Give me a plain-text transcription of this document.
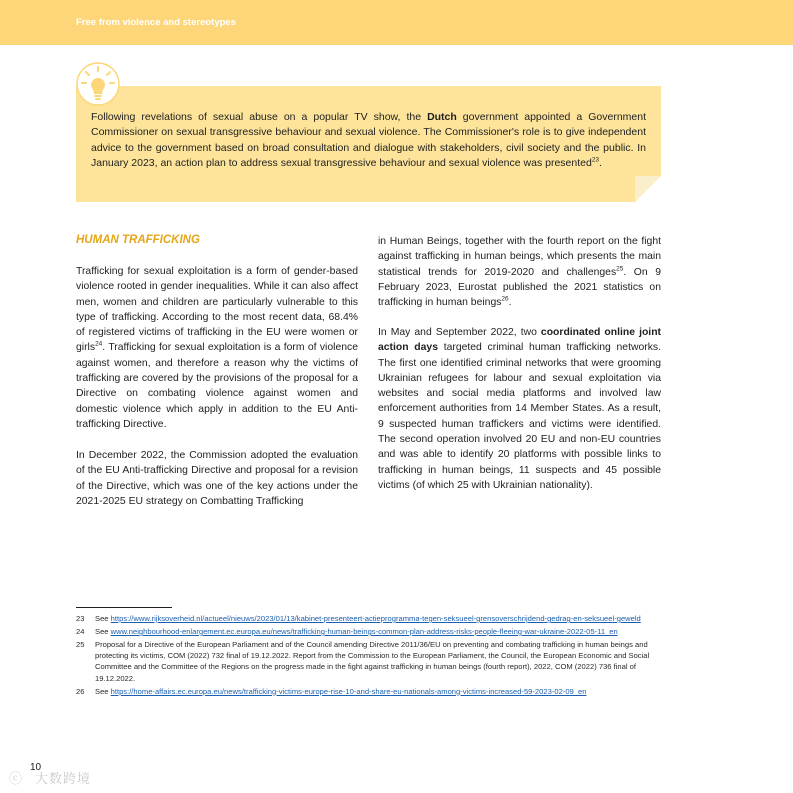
Free from violence and stereotypes
Following revelations of sexual abuse on a popular TV show, the Dutch government appointed a Government Commissioner on sexual transgressive behaviour and sexual violence. The Commissioner's role is to give independent advice to the government based on broad consultation and dialogue with stakeholders, civil society and the public. In January 2023, an action plan to address sexual transgressive behaviour and sexual violence was presented$^{23}$.
HUMAN TRAFFICKING

Trafficking for sexual exploitation is a form of gender-based violence rooted in gender inequalities. While it can also affect men, women and children are particularly vulnerable to this type of trafficking. According to the most recent data, 68.4% of registered victims of trafficking in the EU were women or girls$^{24}$. Trafficking for sexual exploitation is a form of violence against women, and therefore a reason why the victims of trafficking are covered by the provisions of the proposal for a Directive on combating violence against women and domestic violence which apply in addition to the EU Anti-trafficking Directive.

In December 2022, the Commission adopted the evaluation of the EU Anti-trafficking Directive and proposal for a revision of the Directive, which was one of the key actions under the 2021-2025 EU strategy on Combatting Trafficking

in Human Beings, together with the fourth report on the fight against trafficking in human beings, which presents the main statistical trends for 2019-2020 and challenges$^{25}$. On 9 February 2023, Eurostat published the 2021 statistics on trafficking in human beings$^{26}$.

In May and September 2022, two coordinated online joint action days targeted criminal human trafficking networks. The first one identified criminal networks that were grooming Ukrainian refugees for labour and sexual exploitation via websites and social media platforms and involved law enforcement authorities from 14 Member States. As a result, 9 suspected human traffickers and victims were identified. The second operation involved 20 EU and non-EU countries and was able to identify 20 platforms with possible links to trafficking in human beings, 11 suspects and 45 possible victims (of which 25 with Ukrainian nationality).

23	See https://www.rijksoverheid.nl/actueel/nieuws/2023/01/13/kabinet-presenteert-actieprogramma-tegen-seksueel-grensoverschrijdend-gedrag-en-seksueel-geweld
24	See www.neighbourhood-enlargement.ec.europa.eu/news/trafficking-human-beings-common-plan-address-risks-people-fleeing-war-ukraine-2022-05-11_en
25	Proposal for a Directive of the European Parliament and of the Council amending Directive 2011/36/EU on preventing and combating trafficking in human beings and protecting its victims, COM (2022) 732 final of 19.12.2022. Report from the Commission to the European Parliament, the Council, the European Economic and Social Committee and the Committee of the Regions on the progress made in the fight against trafficking in human beings (fourth report), 2022, COM (2022) 736 final of 19.12.2022.
26	See https://home-affairs.ec.europa.eu/news/trafficking-victims-europe-rise-10-and-share-eu-nationals-among-victims-increased-59-2023-02-09_en
10
ⓒ 大数跨境
